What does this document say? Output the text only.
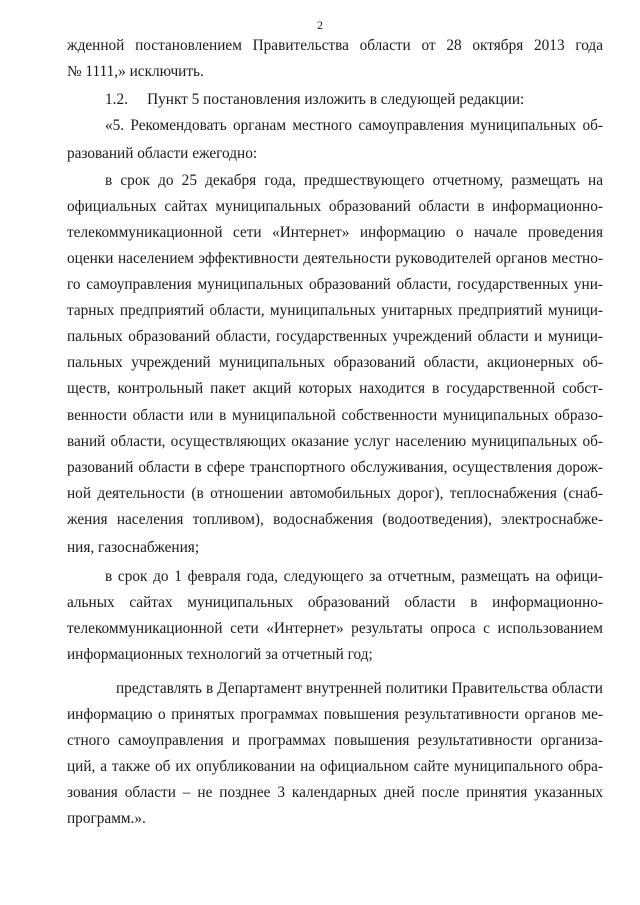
2
жденной постановлением Правительства области от 28 октября 2013 года
№ 1111,» исключить.
1.2.     Пункт 5 постановления изложить в следующей редакции:
«5. Рекомендовать органам местного самоуправления муниципальных об-
разований области ежегодно:
в срок до 25 декабря года, предшествующего отчетному, размещать на
официальных сайтах муниципальных образований области в информационно-
телекоммуникационной сети «Интернет» информацию о начале проведения
оценки населением эффективности деятельности руководителей органов местно-
го самоуправления муниципальных образований области, государственных уни-
тарных предприятий области, муниципальных унитарных предприятий муници-
пальных образований области, государственных учреждений области и муници-
пальных учреждений муниципальных образований области, акционерных об-
ществ, контрольный пакет акций которых находится в государственной собст-
венности области или в муниципальной собственности муниципальных образо-
ваний области, осуществляющих оказание услуг населению муниципальных об-
разований области в сфере транспортного обслуживания, осуществления дорож-
ной деятельности (в отношении автомобильных дорог), теплоснабжения (снаб-
жения населения топливом), водоснабжения (водоотведения), электроснабже-
ния, газоснабжения;
в срок до 1 февраля года, следующего за отчетным, размещать на офици-
альных сайтах муниципальных образований области в информационно-
телекоммуникационной сети «Интернет» результаты опроса с использованием
информационных технологий за отчетный год;
представлять в Департамент внутренней политики Правительства области
информацию о принятых программах повышения результативности органов ме-
стного самоуправления и программах повышения результативности организа-
ций, а также об их опубликовании на официальном сайте муниципального обра-
зования области – не позднее 3 календарных дней после принятия указанных
программ.».
